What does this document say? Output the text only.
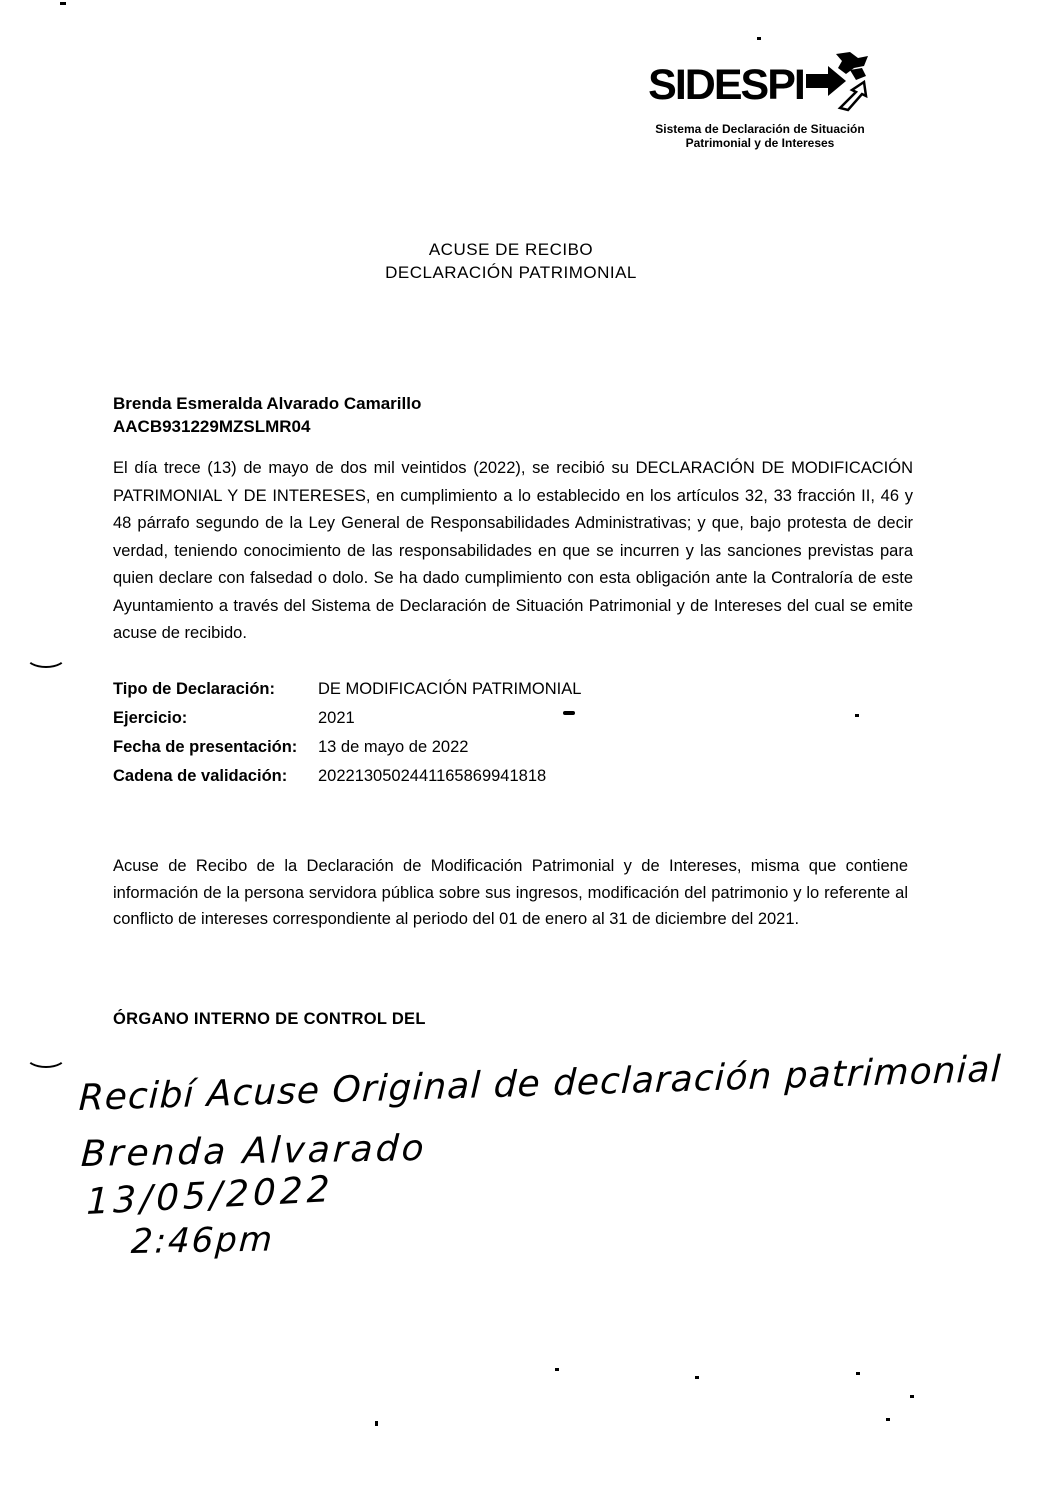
SIDESPI
Sistema de Declaración de Situación
Patrimonial y de Intereses
ACUSE DE RECIBO
DECLARACIÓN PATRIMONIAL
Brenda Esmeralda Alvarado Camarillo
AACB931229MZSLMR04
El día trece (13) de mayo de dos mil veintidos (2022), se recibió su DECLARACIÓN DE MODIFICACIÓN PATRIMONIAL Y DE INTERESES, en cumplimiento a lo establecido en los artículos 32, 33 fracción II, 46 y 48 párrafo segundo de la Ley General de Responsabilidades Administrativas; y que, bajo protesta de decir verdad, teniendo conocimiento de las responsabilidades en que se incurren y las sanciones previstas para quien declare con falsedad o dolo. Se ha dado cumplimiento con esta obligación ante la Contraloría de este Ayuntamiento a través del Sistema de Declaración de Situación Patrimonial y de Intereses del cual se emite acuse de recibido.
Tipo de Declaración:	DE MODIFICACIÓN PATRIMONIAL
Ejercicio:	2021
Fecha de presentación:	13 de mayo de 2022
Cadena de validación:	2022130502441165869941818
Acuse de Recibo de la Declaración de Modificación Patrimonial y de Intereses, misma que contiene información de la persona servidora pública sobre sus ingresos, modificación del patrimonio y lo referente al conflicto de intereses correspondiente al periodo del 01 de enero al 31 de diciembre del 2021.
ÓRGANO INTERNO DE CONTROL DEL
Recibí Acuse Original de declaración patrimonial
Brenda Alvarado
13/05/2022
2:46pm
